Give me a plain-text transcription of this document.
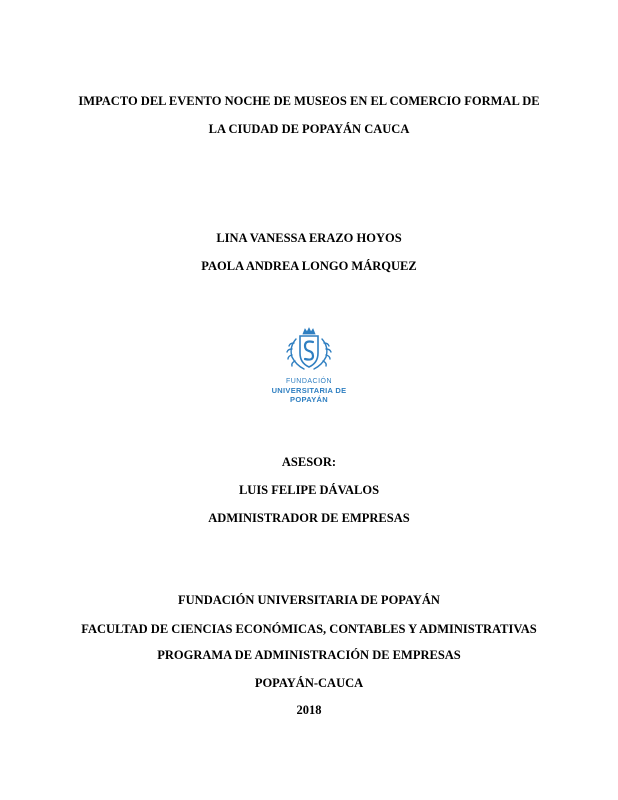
IMPACTO DEL EVENTO NOCHE DE MUSEOS EN EL COMERCIO FORMAL DE
LA CIUDAD DE POPAYÁN CAUCA
LINA VANESSA ERAZO HOYOS
PAOLA ANDREA LONGO MÁRQUEZ
FUNDACIÓN
UNIVERSITARIA DE POPAYÁN
ASESOR:
LUIS FELIPE DÁVALOS
ADMINISTRADOR DE EMPRESAS
FUNDACIÓN UNIVERSITARIA DE POPAYÁN
FACULTAD DE CIENCIAS ECONÓMICAS, CONTABLES Y ADMINISTRATIVAS
PROGRAMA DE ADMINISTRACIÓN DE EMPRESAS
POPAYÁN-CAUCA
2018
